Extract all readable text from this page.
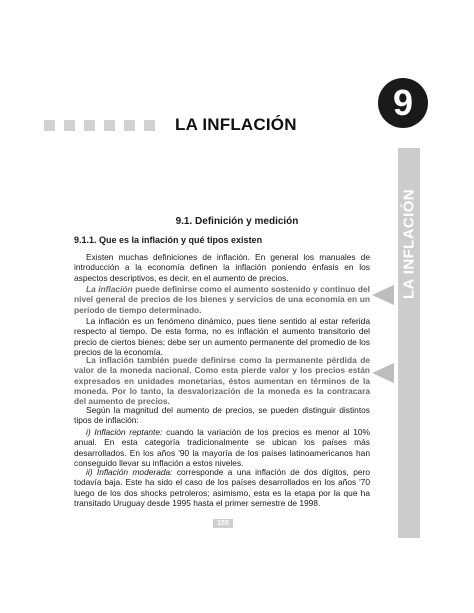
LA INFLACIÓN
9
LA INFLACIÓN
9.1. Definición y medición
9.1.1. Que es la inflación y qué tipos existen

Existen muchas definiciones de inflación. En general los manuales de introducción a la economía definen la inflación poniendo énfasis en los aspectos descriptivos, es decir, en el aumento de precios.

La inflación puede definirse como el aumento sostenido y continuo del nivel general de precios de los bienes y servicios de una economía en un período de tiempo determinado.

La inflación es un fenómeno dinámico, pues tiene sentido al estar referida respecto al tiempo. De esta forma, no es inflación el aumento transitorio del precio de ciertos bienes; debe ser un aumento permanente del promedio de los precios de la economía.

La inflación también puede definirse como la permanente pérdida de valor de la moneda nacional. Como esta pierde valor y los precios están expresados en unidades monetarias, éstos aumentan en términos de la moneda. Por lo tanto, la desvalorización de la moneda es la contracara del aumento de precios.

Según la magnitud del aumento de precios, se pueden distinguir distintos tipos de inflación:

i) Inflación reptante: cuando la variación de los precios es menor al 10% anual. En esta categoría tradicionalmente se ubican los países más desarrollados. En los años '90 la mayoría de los países latinoamericanos han conseguido llevar su inflación a estos niveles.

ii) Inflación moderada: corresponde a una inflación de dos dígitos, pero todavía baja. Este ha sido el caso de los países desarrollados en los años '70 luego de los dos shocks petroleros; asimismo, esta es la etapa por la que ha transitado Uruguay desde 1995 hasta el primer semestre de 1998.

155
